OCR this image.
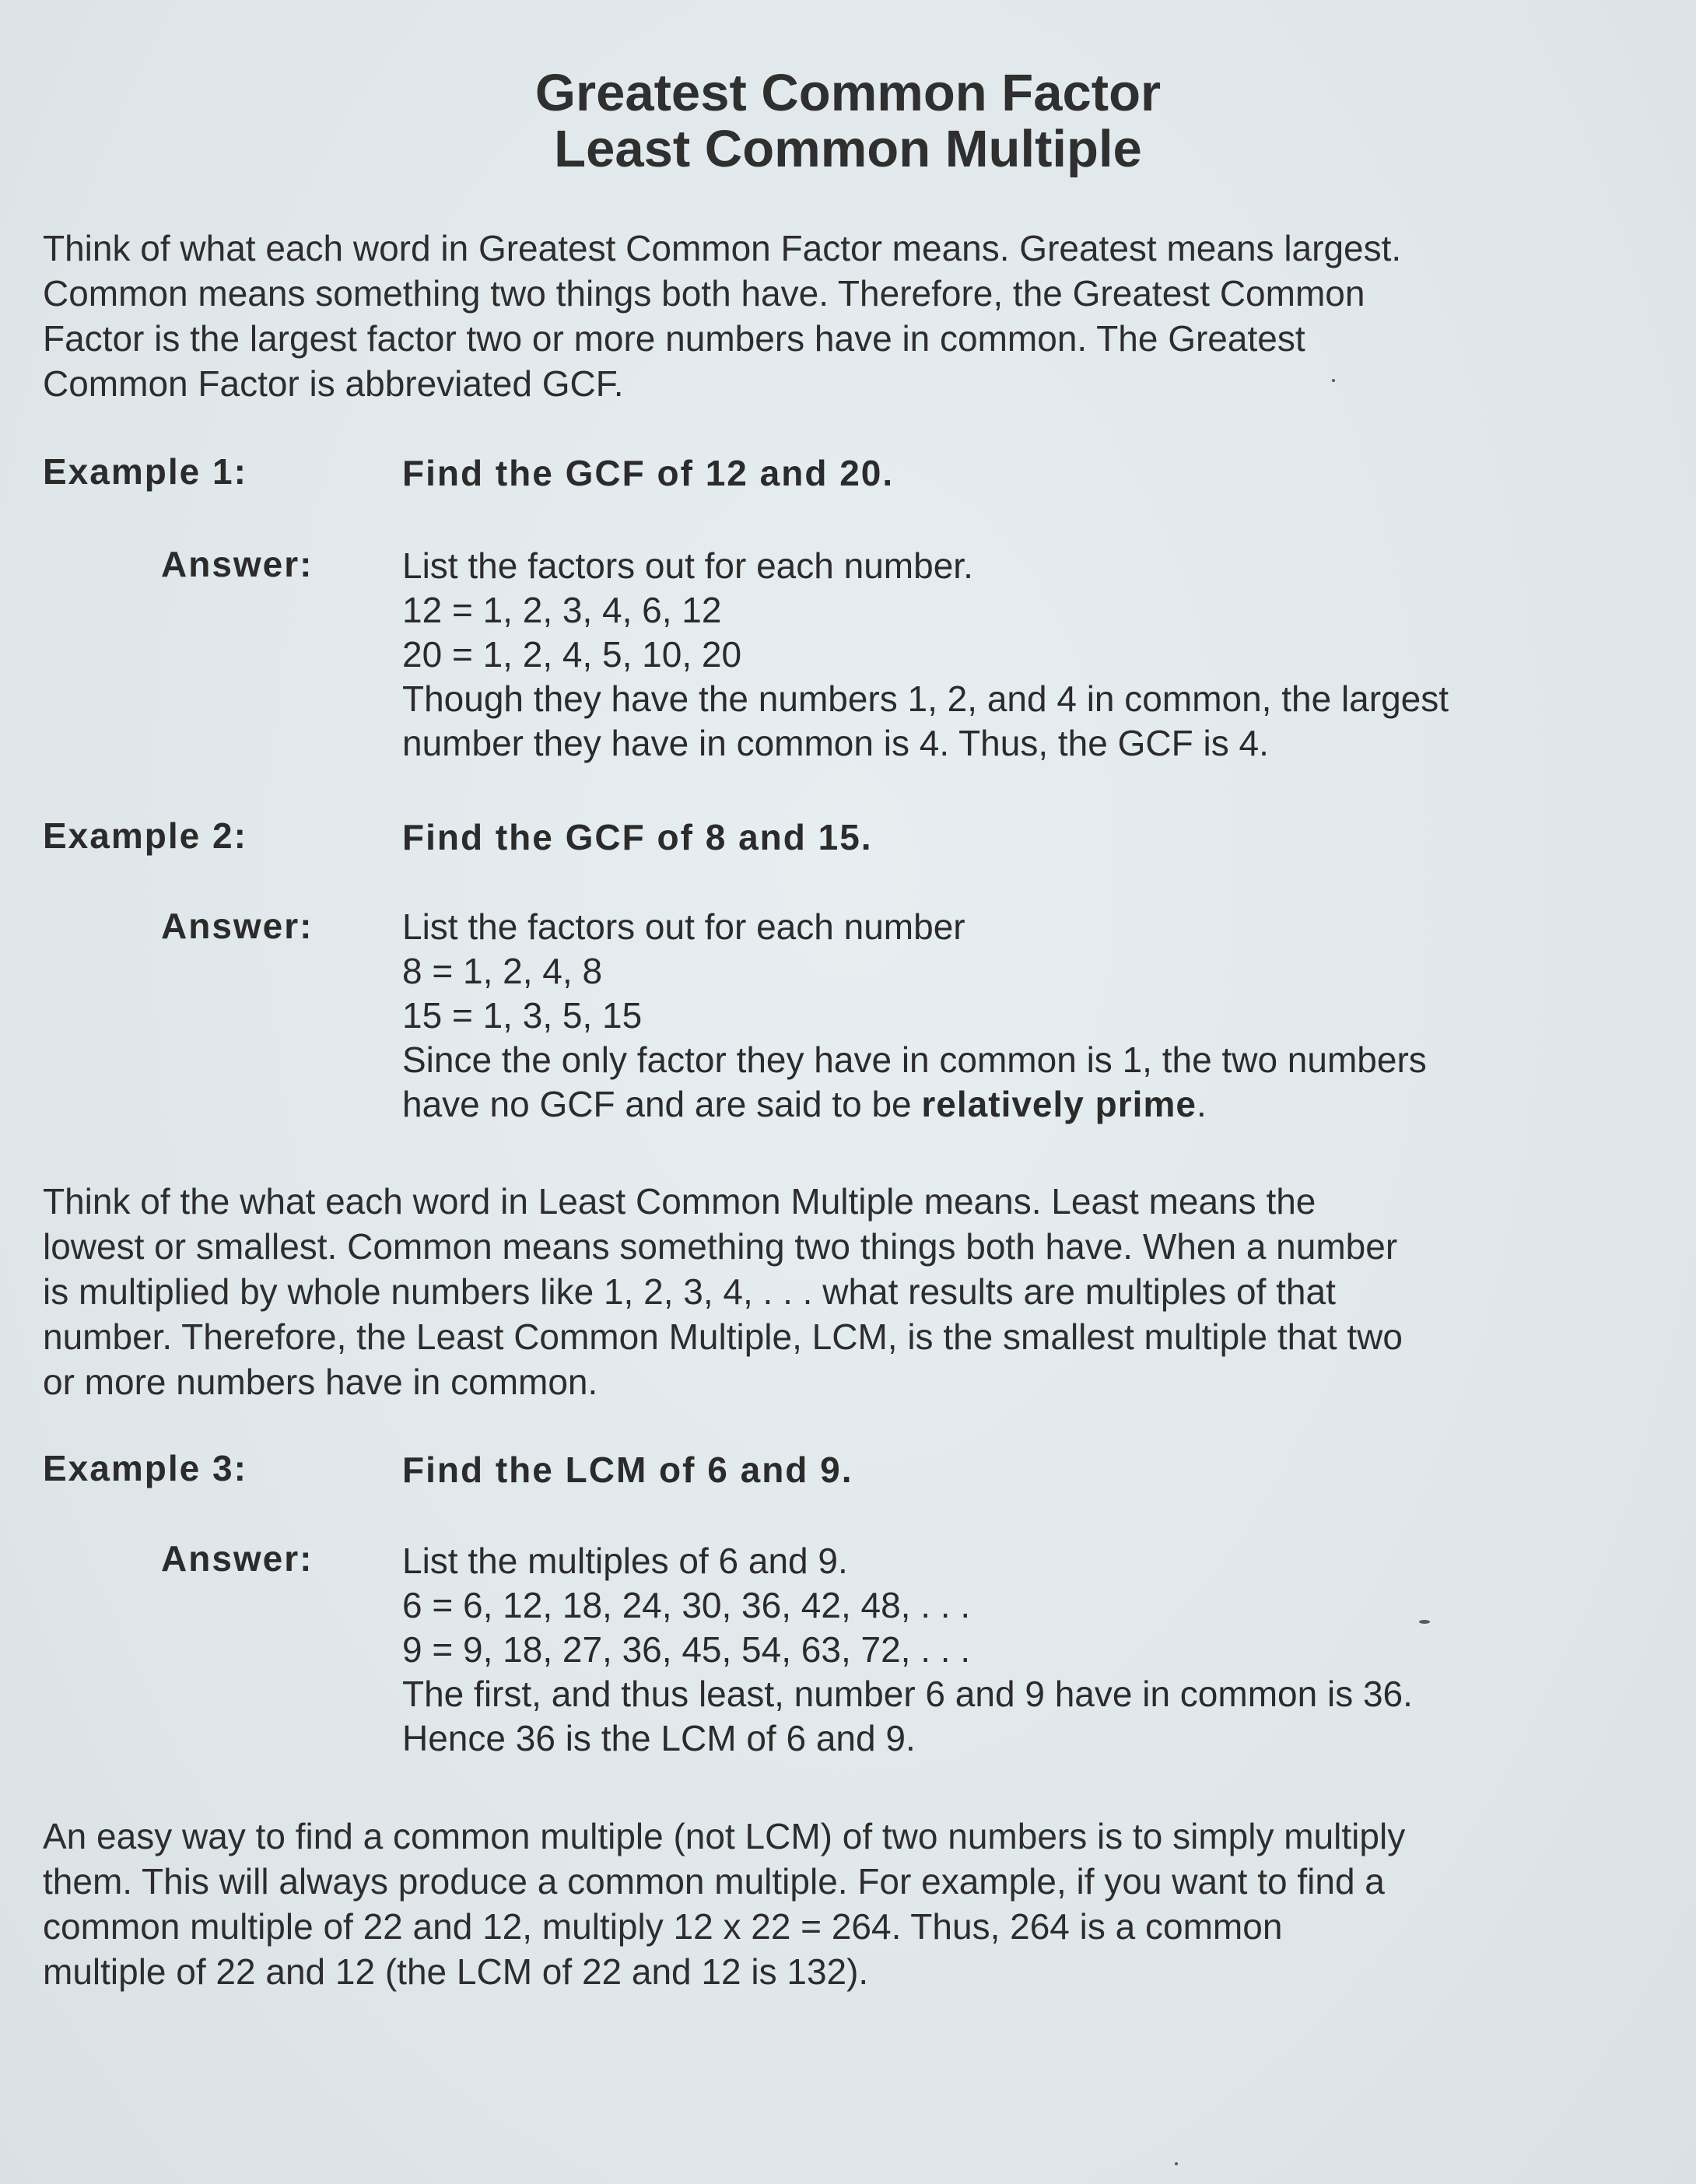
Greatest Common Factor
Least Common Multiple

Think of what each word in Greatest Common Factor means. Greatest means largest.
Common means something two things both have. Therefore, the Greatest Common
Factor is the largest factor two or more numbers have in common. The Greatest
Common Factor is abbreviated GCF.

Example 1:	Find the GCF of 12 and 20.
Answer: List the factors out for each number.
12 = 1, 2, 3, 4, 6, 12
20 = 1, 2, 4, 5, 10, 20
Though they have the numbers 1, 2, and 4 in common, the largest
number they have in common is 4. Thus, the GCF is 4.

Example 2:	Find the GCF of 8 and 15.
Answer: List the factors out for each number
8 = 1, 2, 4, 8
15 = 1, 3, 5, 15
Since the only factor they have in common is 1, the two numbers
have no GCF and are said to be relatively prime.

Think of the what each word in Least Common Multiple means. Least means the
lowest or smallest. Common means something two things both have. When a number
is multiplied by whole numbers like 1, 2, 3, 4, . . . what results are multiples of that
number. Therefore, the Least Common Multiple, LCM, is the smallest multiple that two
or more numbers have in common.

Example 3:	Find the LCM of 6 and 9.
Answer: List the multiples of 6 and 9.
6 = 6, 12, 18, 24, 30, 36, 42, 48, . . .
9 = 9, 18, 27, 36, 45, 54, 63, 72, . . .
The first, and thus least, number 6 and 9 have in common is 36.
Hence 36 is the LCM of 6 and 9.

An easy way to find a common multiple (not LCM) of two numbers is to simply multiply
them. This will always produce a common multiple. For example, if you want to find a
common multiple of 22 and 12, multiply 12 x 22 = 264. Thus, 264 is a common
multiple of 22 and 12 (the LCM of 22 and 12 is 132).
